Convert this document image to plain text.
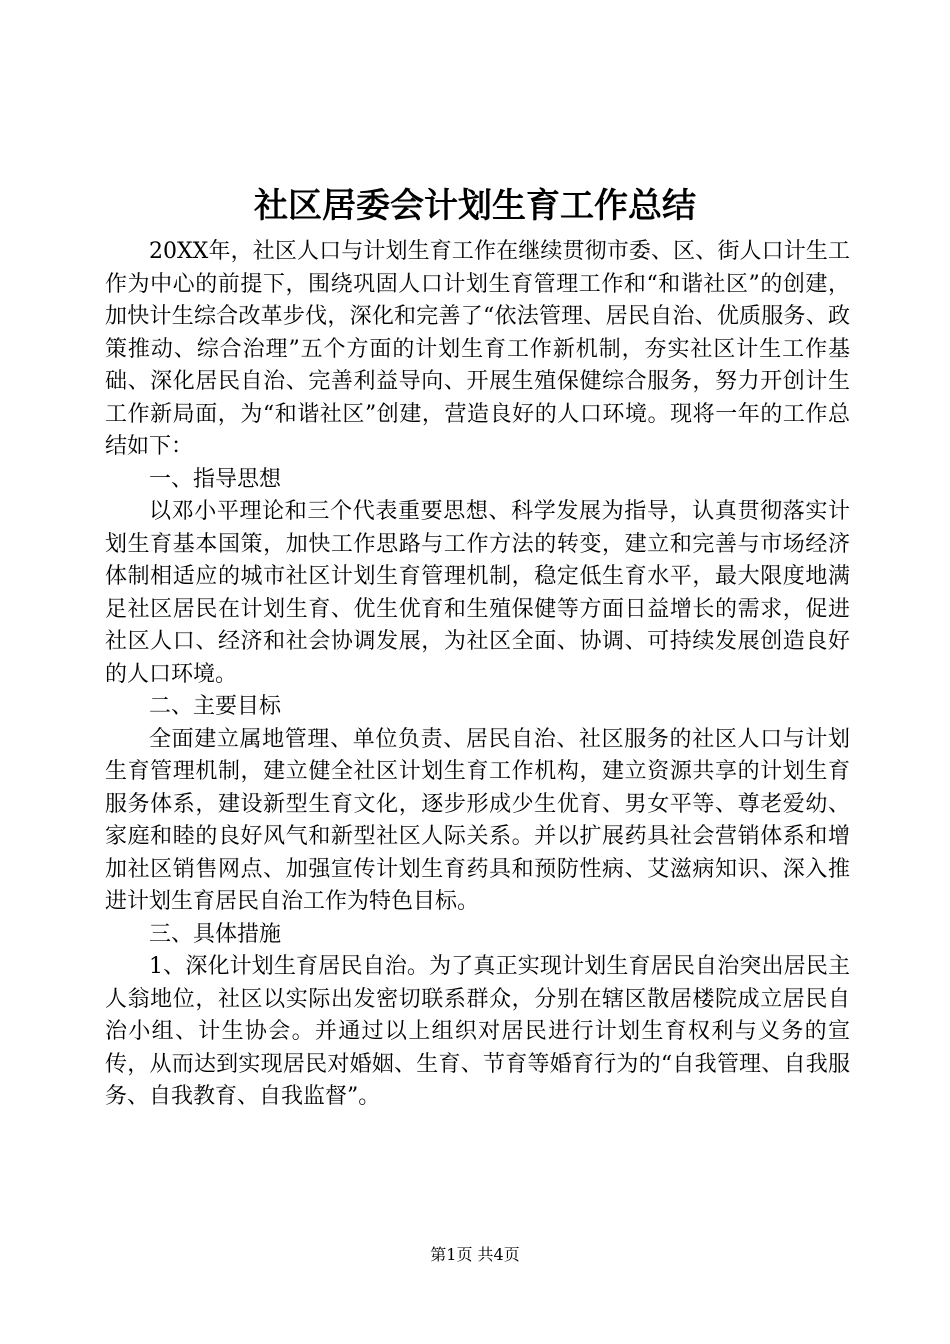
社区居委会计划生育工作总结

20XX年，社区人口与计划生育工作在继续贯彻市委、区、街人口计生工作为中心的前提下，围绕巩固人口计划生育管理工作和“和谐社区”的创建，加快计生综合改革步伐，深化和完善了“依法管理、居民自治、优质服务、政策推动、综合治理”五个方面的计划生育工作新机制，夯实社区计生工作基础、深化居民自治、完善利益导向、开展生殖保健综合服务，努力开创计生工作新局面，为“和谐社区”创建，营造良好的人口环境。现将一年的工作总结如下：

一、指导思想

以邓小平理论和三个代表重要思想、科学发展为指导，认真贯彻落实计划生育基本国策，加快工作思路与工作方法的转变，建立和完善与市场经济体制相适应的城市社区计划生育管理机制，稳定低生育水平，最大限度地满足社区居民在计划生育、优生优育和生殖保健等方面日益增长的需求，促进社区人口、经济和社会协调发展，为社区全面、协调、可持续发展创造良好的人口环境。

二、主要目标

全面建立属地管理、单位负责、居民自治、社区服务的社区人口与计划生育管理机制，建立健全社区计划生育工作机构，建立资源共享的计划生育服务体系，建设新型生育文化，逐步形成少生优育、男女平等、尊老爱幼、家庭和睦的良好风气和新型社区人际关系。并以扩展药具社会营销体系和增加社区销售网点、加强宣传计划生育药具和预防性病、艾滋病知识、深入推进计划生育居民自治工作为特色目标。

三、具体措施

1、深化计划生育居民自治。为了真正实现计划生育居民自治突出居民主人翁地位，社区以实际出发密切联系群众，分别在辖区散居楼院成立居民自治小组、计生协会。并通过以上组织对居民进行计划生育权利与义务的宣传，从而达到实现居民对婚姻、生育、节育等婚育行为的“自我管理、自我服务、自我教育、自我监督”。

第1页 共4页
